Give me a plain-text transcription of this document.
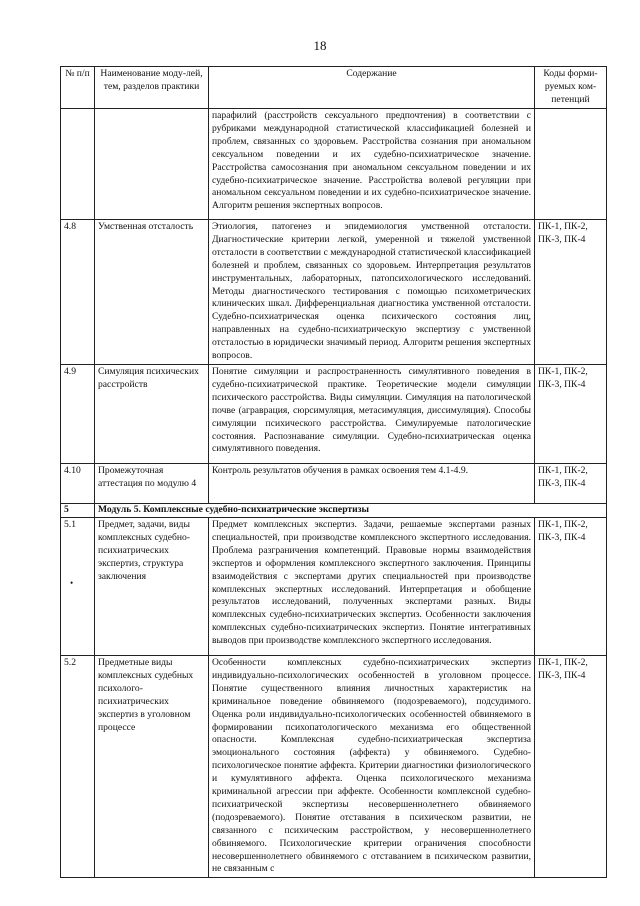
18
•
№ п/п	Наименование моду-лей, тем, разделов практики	Содержание	Коды форми-руемых ком-петенций
		парафилий (расстройств сексуального предпочтения) в соответствии с рубриками международной статистической классификацией болезней и проблем, связанных со здоровьем. Расстройства сознания при аномальном сексуальном поведении и их судебно-психиатрическое значение. Расстройства самосознания при аномальном сексуальном поведении и их судебно-психиатрическое значение. Расстройства волевой регуляции при аномальном сексуальном поведении и их судебно-психиатрическое значение. Алгоритм решения экспертных вопросов.	
4.8	Умственная отсталость	Этиология, патогенез и эпидемиология умственной отсталости. Диагностические критерии легкой, умеренной и тяжелой умственной отсталости в соответствии с международной статистической классификацией болезней и проблем, связанных со здоровьем. Интерпретация результатов инструментальных, лабораторных, патопсихологического исследований. Методы диагностического тестирования с помощью психометрических клинических шкал. Дифференциальная диагностика умственной отсталости. Судебно-психиатрическая оценка психического состояния лиц, направленных на судебно-психиатрическую экспертизу с умственной отсталостью в юридически значимый период. Алгоритм решения экспертных вопросов.	ПК-1, ПК-2, ПК-3, ПК-4
4.9	Симуляция психических расстройств	Понятие симуляции и распространенность симулятивного поведения в судебно-психиатрической практике. Теоретические модели симуляции психического расстройства. Виды симуляции. Симуляция на патологической почве (аграврация, сюрсимуляция, метасимуляция, диссимуляция). Способы симуляции психического расстройства. Симулируемые патологические состояния. Распознавание симуляции. Судебно-психиатрическая оценка симулятивного поведения.	ПК-1, ПК-2, ПК-3, ПК-4
4.10	Промежуточная аттестация по модулю 4	Контроль результатов обучения в рамках освоения тем 4.1-4.9.	ПК-1, ПК-2, ПК-3, ПК-4
5	Модуль 5. Комплексные судебно-психиатрические экспертизы		
5.1	Предмет, задачи, виды комплексных судебно-психиатрических экспертиз, структура заключения	Предмет комплексных экспертиз. Задачи, решаемые экспертами разных специальностей, при производстве комплексного экспертного исследования. Проблема разграничения компетенций. Правовые нормы взаимодействия экспертов и оформления комплексного экспертного заключения. Принципы взаимодействия с экспертами других специальностей при производстве комплексных экспертных исследований. Интерпретация и обобщение результатов исследований, полученных экспертами разных. Виды комплексных судебно-психиатрических экспертиз. Особенности заключения комплексных судебно-психиатрических экспертиз. Понятие интегративных выводов при производстве комплексного экспертного исследования.	ПК-1, ПК-2, ПК-3, ПК-4
5.2	Предметные виды комплексных судебных психолого-психиатрических экспертиз в уголовном процессе	Особенности комплексных судебно-психиатрических экспертиз индивидуально-психологических особенностей в уголовном процессе. Понятие существенного влияния личностных характеристик на криминальное поведение обвиняемого (подозреваемого), подсудимого. Оценка роли индивидуально-психологических особенностей обвиняемого в формировании психопатологического механизма его общественной опасности. Комплексная судебно-психиатрическая экспертиза эмоционального состояния (аффекта) у обвиняемого. Судебно-психологическое понятие аффекта. Критерии диагностики физиологического и кумулятивного аффекта. Оценка психологического механизма криминальной агрессии при аффекте. Особенности комплексной судебно-психиатрической экспертизы несовершеннолетнего обвиняемого (подозреваемого). Понятие отставания в психическом развитии, не связанного с психическим расстройством, у несовершеннолетнего обвиняемого. Психологические критерии ограничения способности несовершеннолетнего обвиняемого с отставанием в психическом развитии, не связанным с	ПК-1, ПК-2, ПК-3, ПК-4
